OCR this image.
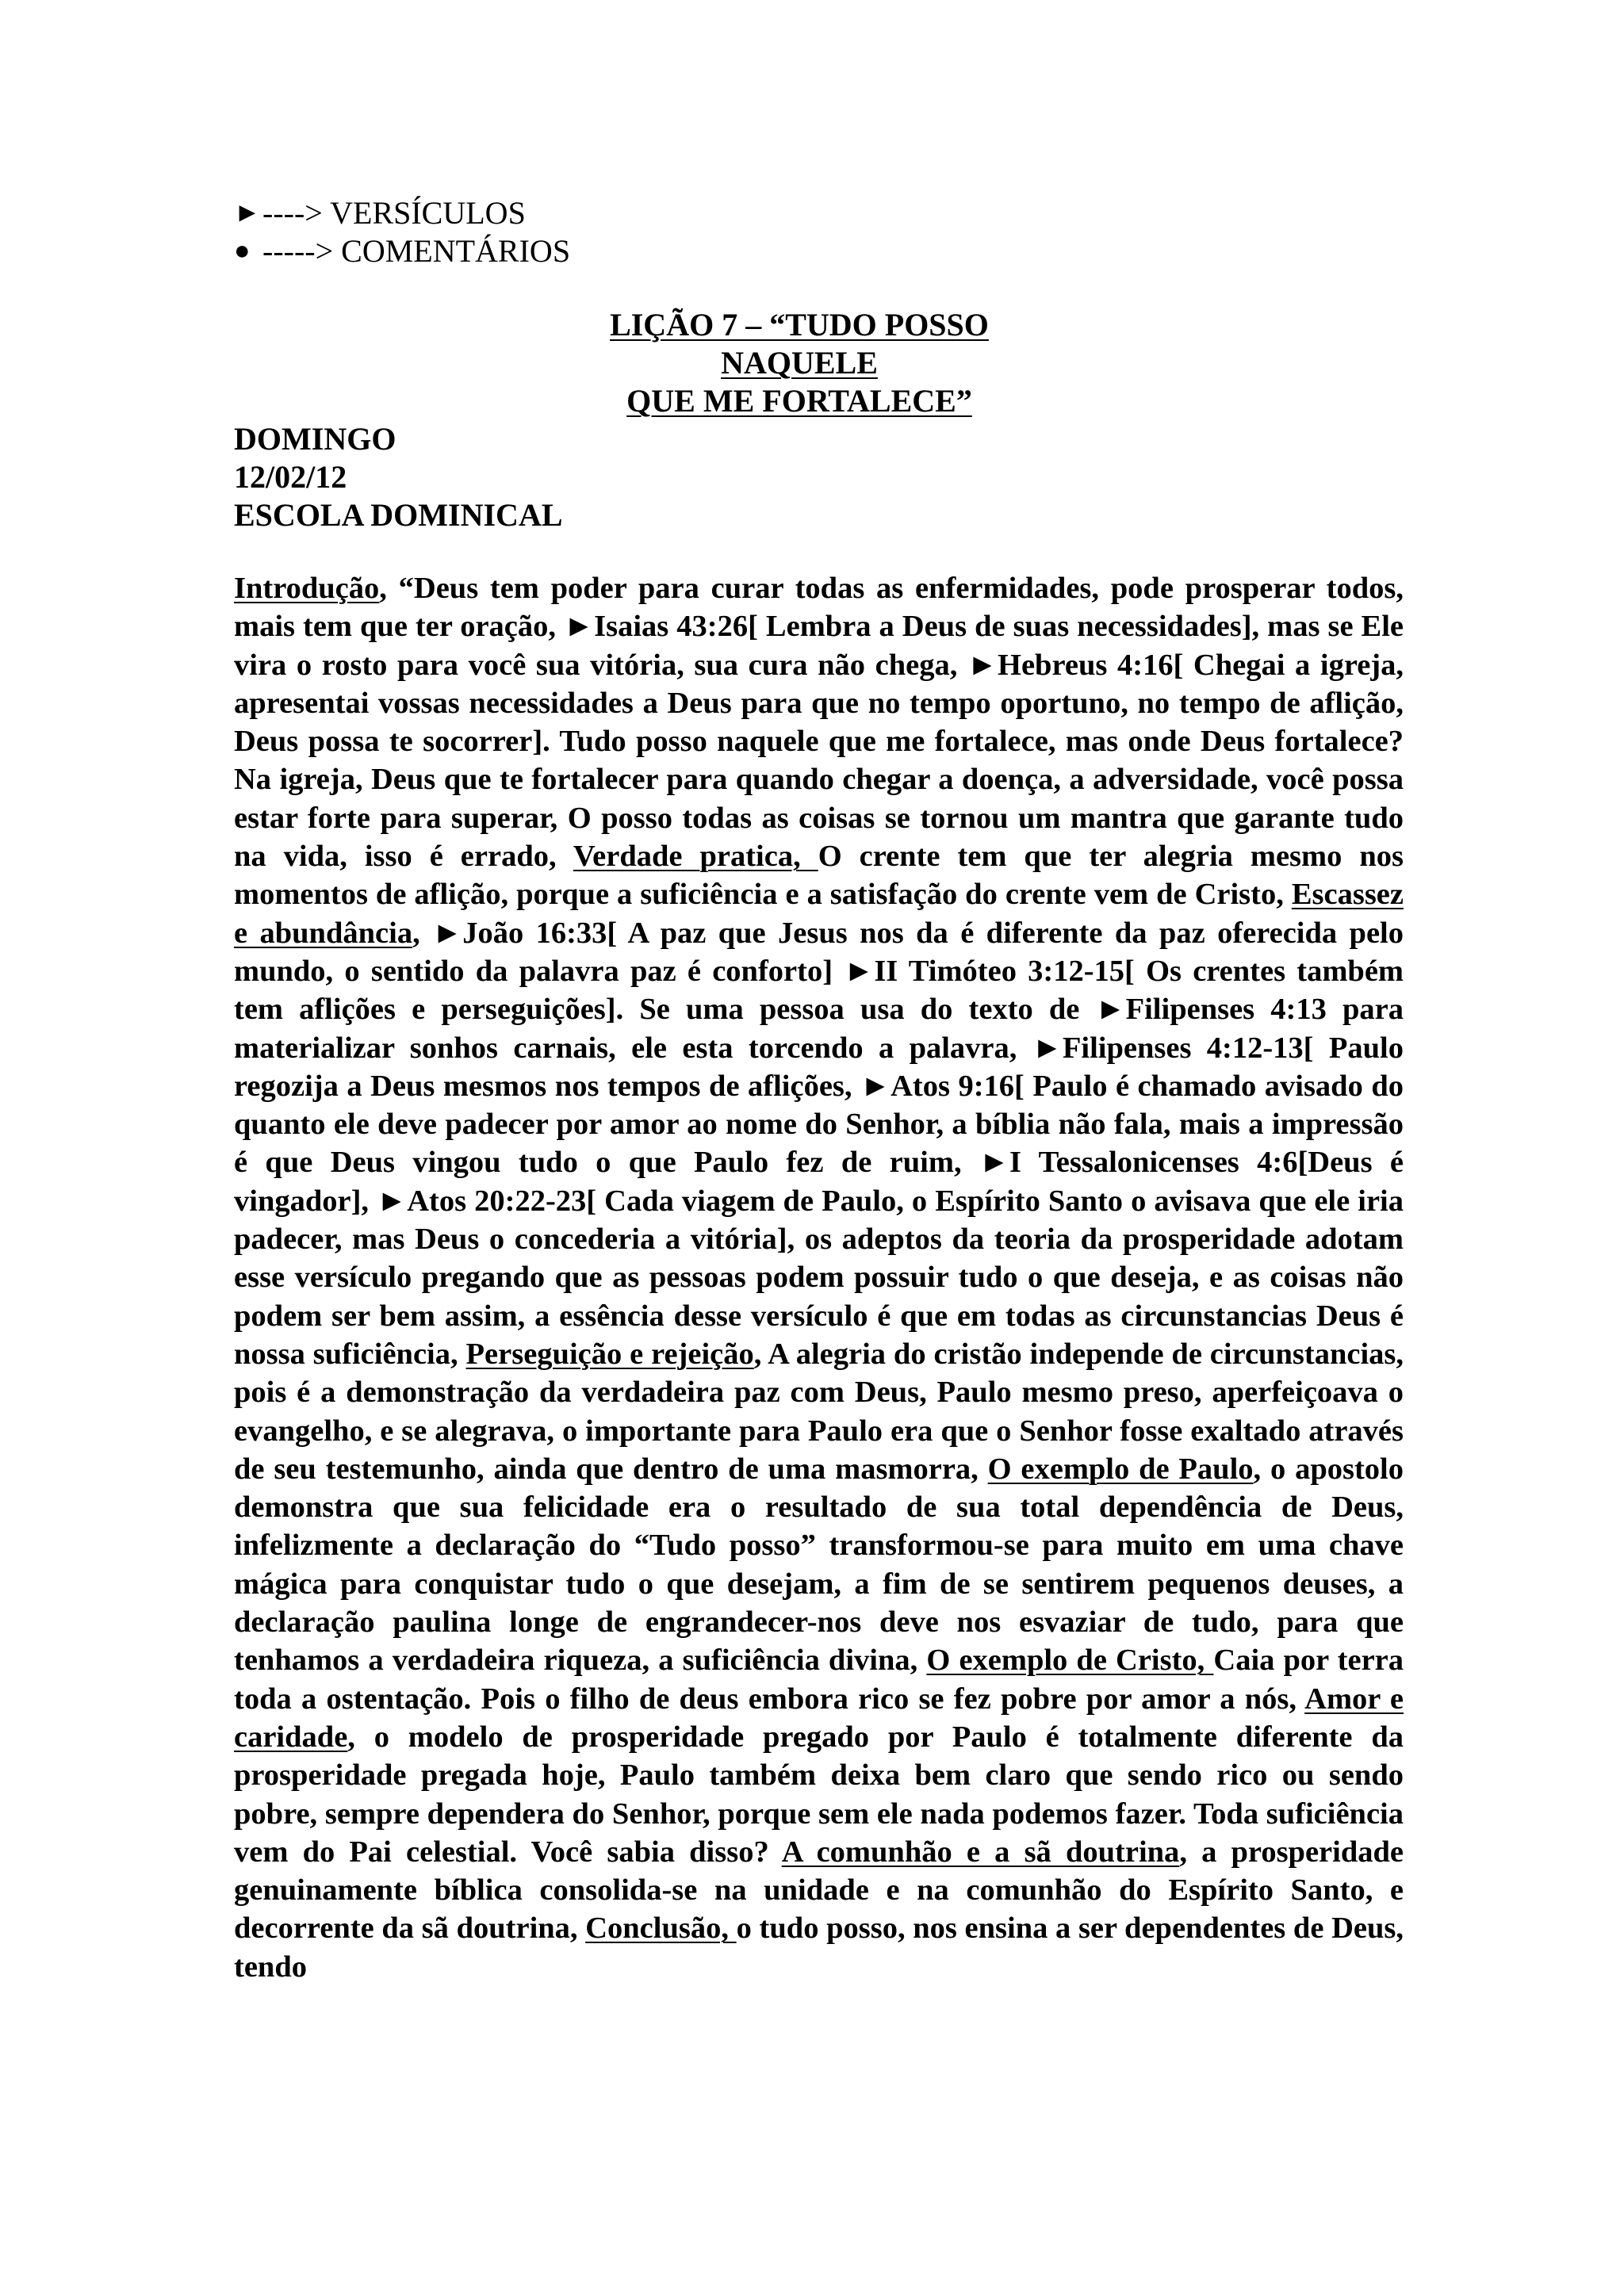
► ----> VERSÍCULOS
● -----> COMENTÁRIOS
LIÇÃO 7 – “TUDO POSSO NAQUELE
QUE ME FORTALECE”
DOMINGO
12/02/12
ESCOLA DOMINICAL
Introdução, “Deus tem poder para curar todas as enfermidades, pode prosperar todos, mais tem que ter oração, ►Isaias 43:26[ Lembra a Deus de suas necessidades], mas se Ele vira o rosto para você sua vitória, sua cura não chega, ►Hebreus 4:16[ Chegai a igreja, apresentai vossas necessidades a Deus para que no tempo oportuno, no tempo de aflição, Deus possa te socorrer]. Tudo posso naquele que me fortalece, mas onde Deus fortalece? Na igreja, Deus que te fortalecer para quando chegar a doença, a adversidade, você possa estar forte para superar, O posso todas as coisas se tornou um mantra que garante tudo na vida, isso é errado, Verdade pratica, O crente tem que ter alegria mesmo nos momentos de aflição, porque a suficiência e a satisfação do crente vem de Cristo, Escassez e abundância, ►João 16:33[ A paz que Jesus nos da é diferente da paz oferecida pelo mundo, o sentido da palavra paz é conforto] ►II Timóteo 3:12-15[ Os crentes também tem aflições e perseguições]. Se uma pessoa usa do texto de ►Filipenses 4:13 para materializar sonhos carnais, ele esta torcendo a palavra, ►Filipenses 4:12-13[ Paulo regozija a Deus mesmos nos tempos de aflições, ►Atos 9:16[ Paulo é chamado avisado do quanto ele deve padecer por amor ao nome do Senhor, a bíblia não fala, mais a impressão é que Deus vingou tudo o que Paulo fez de ruim, ►I Tessalonicenses 4:6[Deus é vingador], ►Atos 20:22-23[ Cada viagem de Paulo, o Espírito Santo o avisava que ele iria padecer, mas Deus o concederia a vitória], os adeptos da teoria da prosperidade adotam esse versículo pregando que as pessoas podem possuir tudo o que deseja, e as coisas não podem ser bem assim, a essência desse versículo é que em todas as circunstancias Deus é nossa suficiência, Perseguição e rejeição, A alegria do cristão independe de circunstancias, pois é a demonstração da verdadeira paz com Deus, Paulo mesmo preso, aperfeiçoava o evangelho, e se alegrava, o importante para Paulo era que o Senhor fosse exaltado através de seu testemunho, ainda que dentro de uma masmorra, O exemplo de Paulo, o apostolo demonstra que sua felicidade era o resultado de sua total dependência de Deus, infelizmente a declaração do “Tudo posso” transformou-se para muito em uma chave mágica para conquistar tudo o que desejam, a fim de se sentirem pequenos deuses, a declaração paulina longe de engrandecer-nos deve nos esvaziar de tudo, para que tenhamos a verdadeira riqueza, a suficiência divina, O exemplo de Cristo, Caia por terra toda a ostentação. Pois o filho de deus embora rico se fez pobre por amor a nós, Amor e caridade, o modelo de prosperidade pregado por Paulo é totalmente diferente da prosperidade pregada hoje, Paulo também deixa bem claro que sendo rico ou sendo pobre, sempre dependera do Senhor, porque sem ele nada podemos fazer. Toda suficiência vem do Pai celestial. Você sabia disso? A comunhão e a sã doutrina, a prosperidade genuinamente bíblica consolida-se na unidade e na comunhão do Espírito Santo, e decorrente da sã doutrina, Conclusão, o tudo posso, nos ensina a ser dependentes de Deus, tendo
